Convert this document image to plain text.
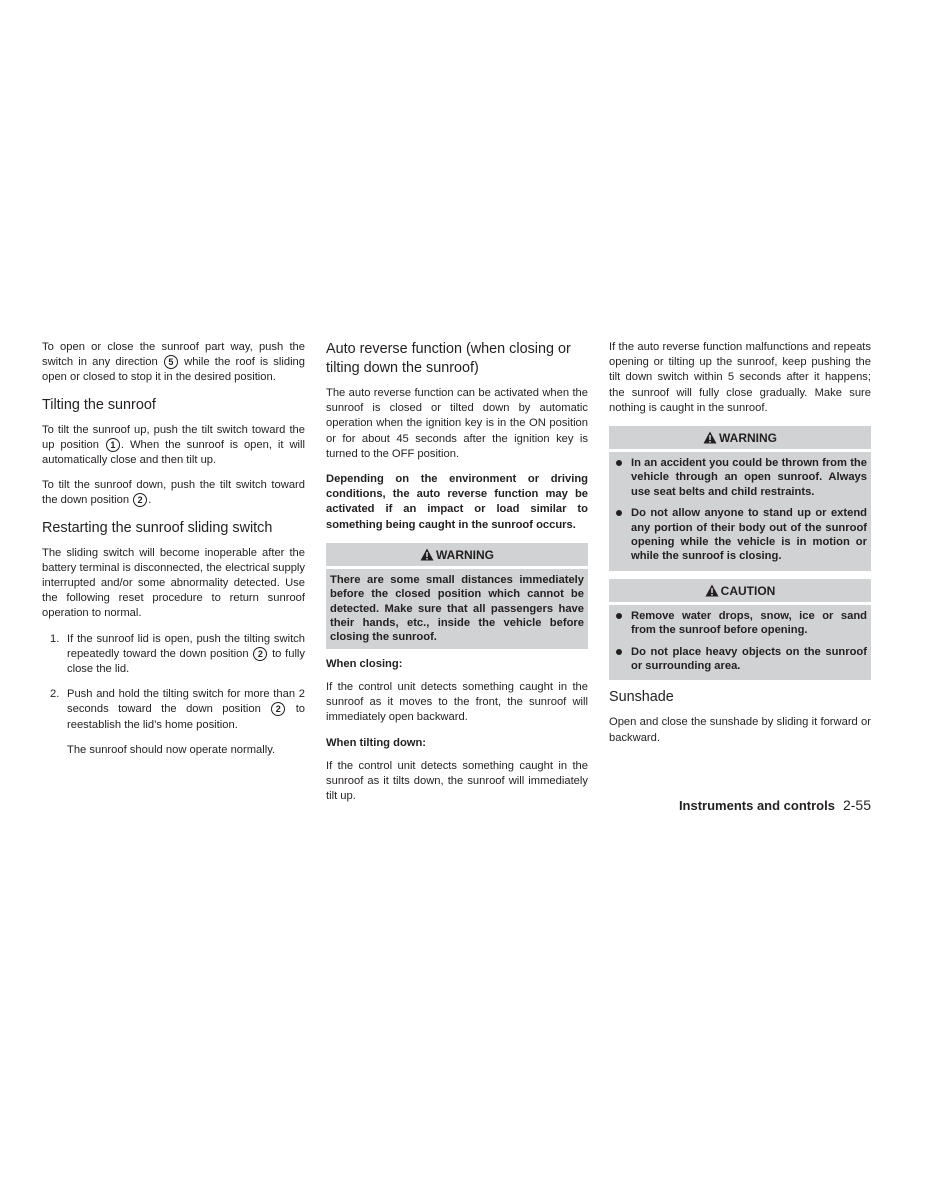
To open or close the sunroof part way, push the switch in any direction 5 while the roof is sliding open or closed to stop it in the desired position.

Tilting the sunroof

To tilt the sunroof up, push the tilt switch toward the up position 1 . When the sunroof is open, it will automatically close and then tilt up.

To tilt the sunroof down, push the tilt switch toward the down position 2 .

Restarting the sunroof sliding switch

The sliding switch will become inoperable after the battery terminal is disconnected, the electrical supply interrupted and/or some abnormality detected. Use the following reset procedure to return sunroof operation to normal.

1. If the sunroof lid is open, push the tilting switch repeatedly toward the down position 2 to fully close the lid.
2. Push and hold the tilting switch for more than 2 seconds toward the down position 2 to reestablish the lid’s home position.

The sunroof should now operate normally.

Auto reverse function (when closing or tilting down the sunroof)

The auto reverse function can be activated when the sunroof is closed or tilted down by automatic operation when the ignition key is in the ON position or for about 45 seconds after the ignition key is turned to the OFF position.

Depending on the environment or driving conditions, the auto reverse function may be activated if an impact or load similar to something being caught in the sunroof occurs.

WARNING
There are some small distances immediately before the closed position which cannot be detected. Make sure that all passengers have their hands, etc., inside the vehicle before closing the sunroof.

When closing:

If the control unit detects something caught in the sunroof as it moves to the front, the sunroof will immediately open backward.

When tilting down:

If the control unit detects something caught in the sunroof as it tilts down, the sunroof will immediately tilt up.

If the auto reverse function malfunctions and repeats opening or tilting up the sunroof, keep pushing the tilt down switch within 5 seconds after it happens; the sunroof will fully close gradually. Make sure nothing is caught in the sunroof.

WARNING
In an accident you could be thrown from the vehicle through an open sunroof. Always use seat belts and child restraints.
Do not allow anyone to stand up or extend any portion of their body out of the sunroof opening while the vehicle is in motion or while the sunroof is closing.
CAUTION
Remove water drops, snow, ice or sand from the sunroof before opening.
Do not place heavy objects on the sunroof or surrounding area.
Sunshade

Open and close the sunshade by sliding it forward or backward.

Instruments and controls 2-55
